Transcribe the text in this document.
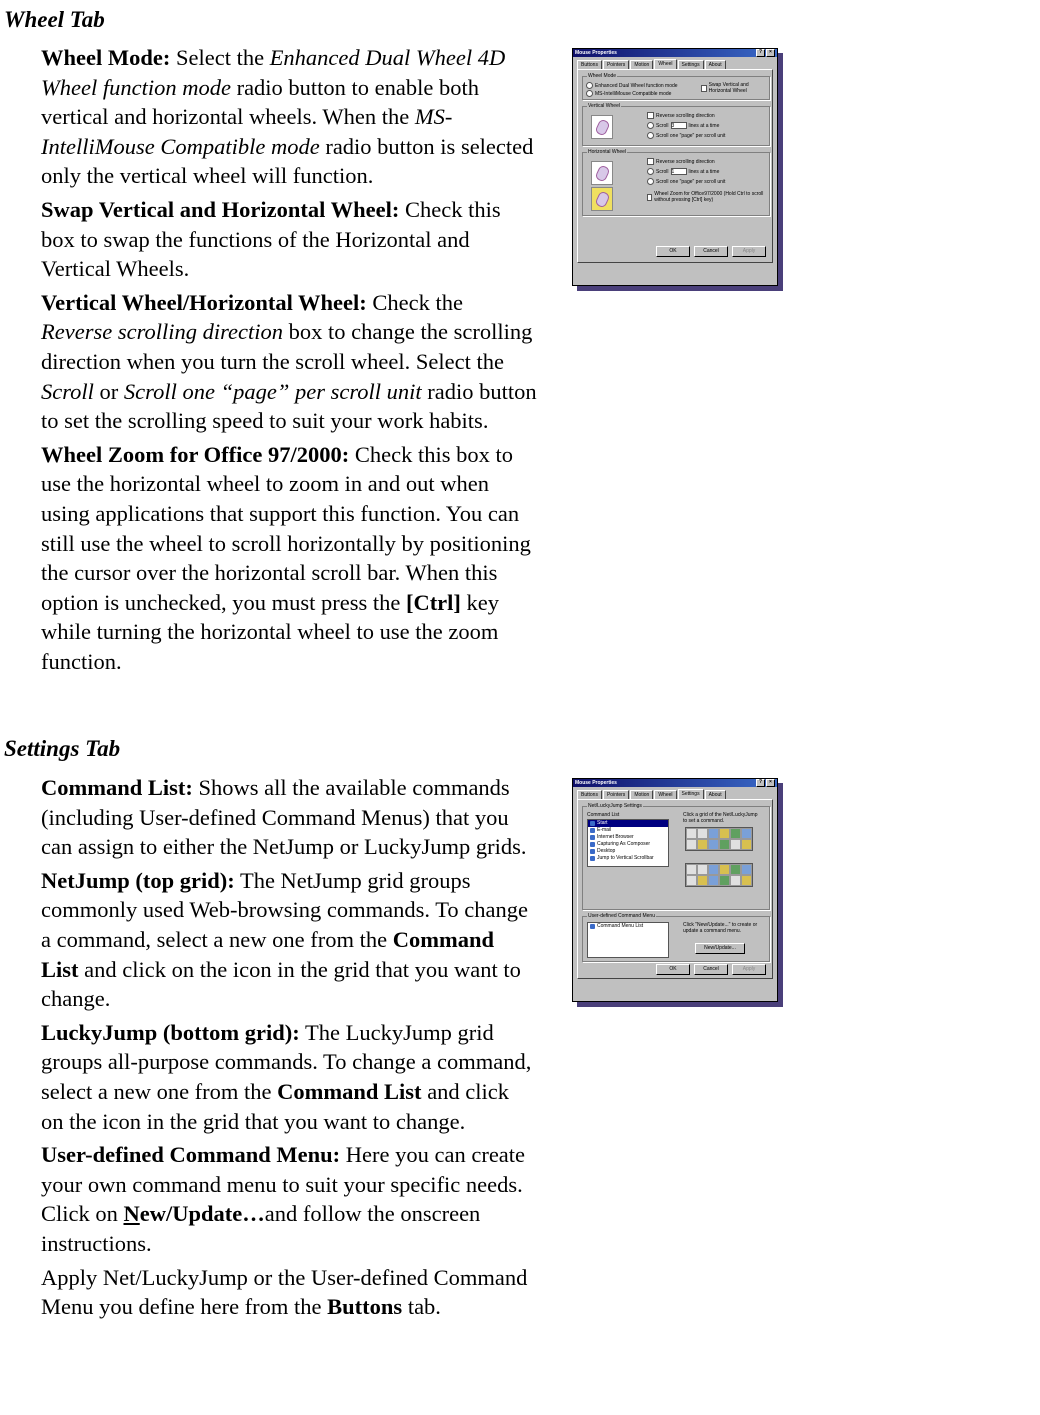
Wheel Tab

Wheel Mode: Select the Enhanced Dual Wheel 4D Wheel function mode radio button to enable both vertical and horizontal wheels. When the MS-IntelliMouse Compatible mode radio button is selected only the vertical wheel will function.

Swap Vertical and Horizontal Wheel: Check this box to swap the functions of the Horizontal and Vertical Wheels.

Vertical Wheel/Horizontal Wheel: Check the Reverse scrolling direction box to change the scrolling direction when you turn the scroll wheel. Select the Scroll or Scroll one “page” per scroll unit radio button to set the scrolling speed to suit your work habits.

Wheel Zoom for Office 97/2000: Check this box to use the horizontal wheel to zoom in and out when using applications that support this function. You can still use the wheel to scroll horizontally by positioning the cursor over the horizontal scroll bar. When this option is unchecked, you must press the [Ctrl] key while turning the horizontal wheel to use the zoom function.

Mouse Properties	?	×
Buttons	Pointers	Motion	Wheel	Settings	About
Wheel Mode
Enhanced Dual Wheel function mode
MS-IntelliMouse Compatible mode
Swap Vertical and Horizontal Wheel
Vertical Wheel
Reverse scrolling direction
Scroll 3	lines at a time
Scroll one "page" per scroll unit
Horizontal Wheel
Reverse scrolling direction
Scroll 1	lines at a time
Scroll one "page" per scroll unit
Wheel Zoom for Office97/2000 (Hold Ctrl to scroll without pressing [Ctrl] key)
OK	Cancel	Apply
Settings Tab

Command List: Shows all the available commands (including User-defined Command Menus) that you can assign to either the NetJump or LuckyJump grids.

NetJump (top grid): The NetJump grid groups commonly used Web-browsing commands. To change a command, select a new one from the Command List and click on the icon in the grid that you want to change.

LuckyJump (bottom grid): The LuckyJump grid groups all-purpose commands. To change a command, select a new one from the Command List and click on the icon in the grid that you want to change.

User-defined Command Menu: Here you can create your own command menu to suit your specific needs. Click on New/Update…and follow the onscreen instructions.

Apply Net/LuckyJump or the User-defined Command Menu you define here from the Buttons tab.

Mouse Properties	?	×
Buttons	Pointers	Motion	Wheel	Settings	About
Net/LuckyJump Settings
Command List
Start
E-mail
Internet Browser
Capturing As Composer
Desktop
Jump to Vertical Scrollbar
Click a grid of the Net/LuckyJump to set a command.
User-defined Command Menu
Command Menu List	Click "New/Update..." to create or update a command menu.
New/Update...
OK	Cancel	Apply
